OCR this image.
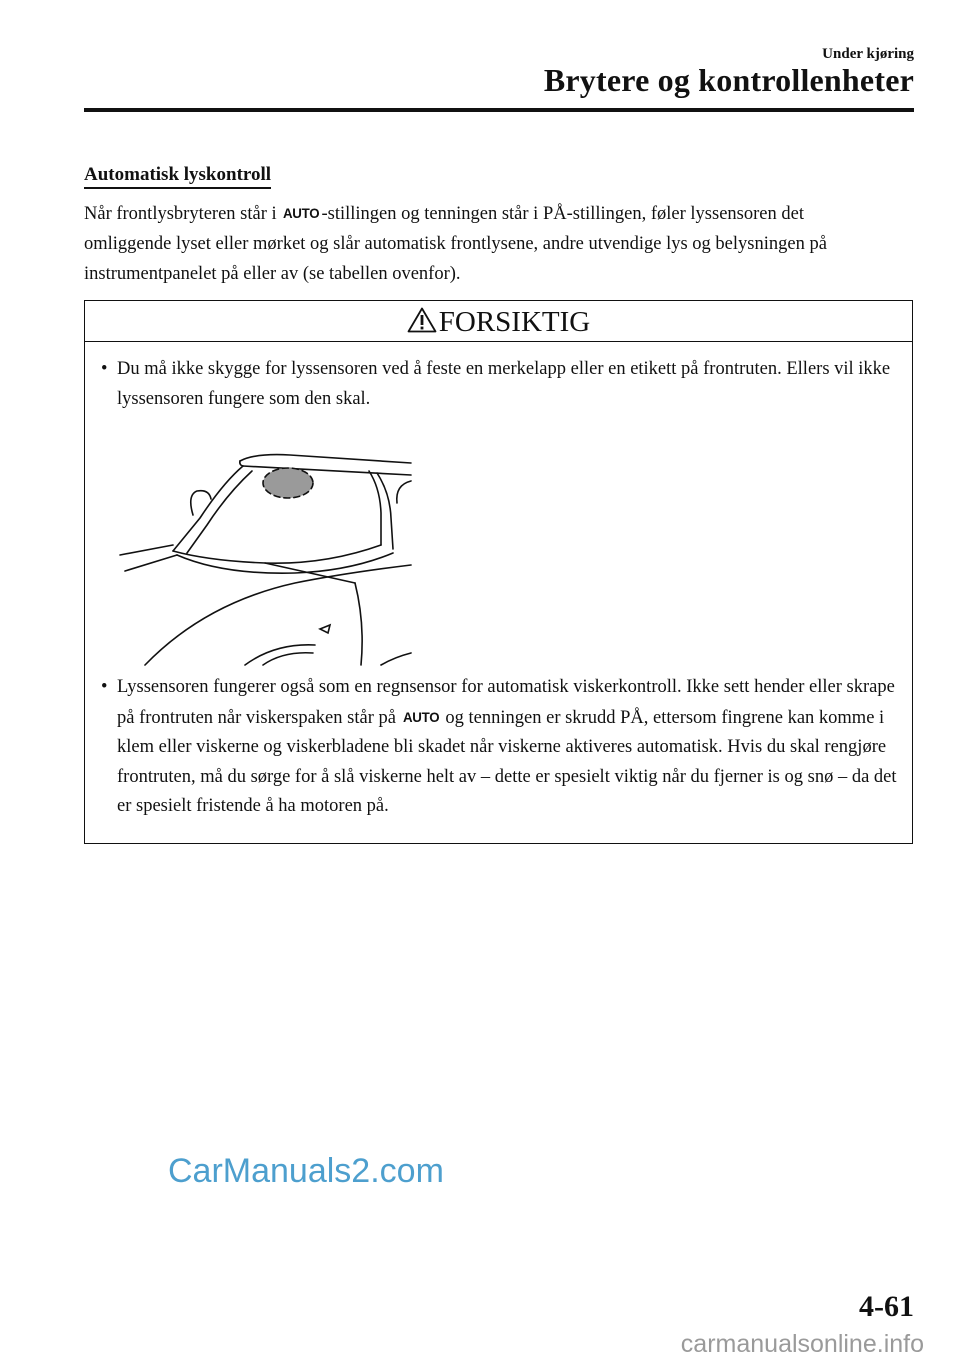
Under kjøring
Brytere og kontrollenheter
Automatisk lyskontroll
Når frontlysbryteren står i AUTO -stillingen og tenningen står i PÅ-stillingen, føler lyssensoren det omliggende lyset eller mørket og slår automatisk frontlysene, andre utvendige lys og belysningen på instrumentpanelet på eller av (se tabellen ovenfor).
FORSIKTIG
• Du må ikke skygge for lyssensoren ved å feste en merkelapp eller en etikett på frontruten. Ellers vil ikke lyssensoren fungere som den skal.
• Lyssensoren fungerer også som en regnsensor for automatisk viskerkontroll. Ikke sett hender eller skrape på frontruten når viskerspaken står på AUTO og tenningen er skrudd PÅ, ettersom fingrene kan komme i klem eller viskerne og viskerbladene bli skadet når viskerne aktiveres automatisk. Hvis du skal rengjøre frontruten, må du sørge for å slå viskerne helt av – dette er spesielt viktig når du fjerner is og snø – da det er spesielt fristende å ha motoren på.
CarManuals2.com
4-61
carmanualsonline.info
